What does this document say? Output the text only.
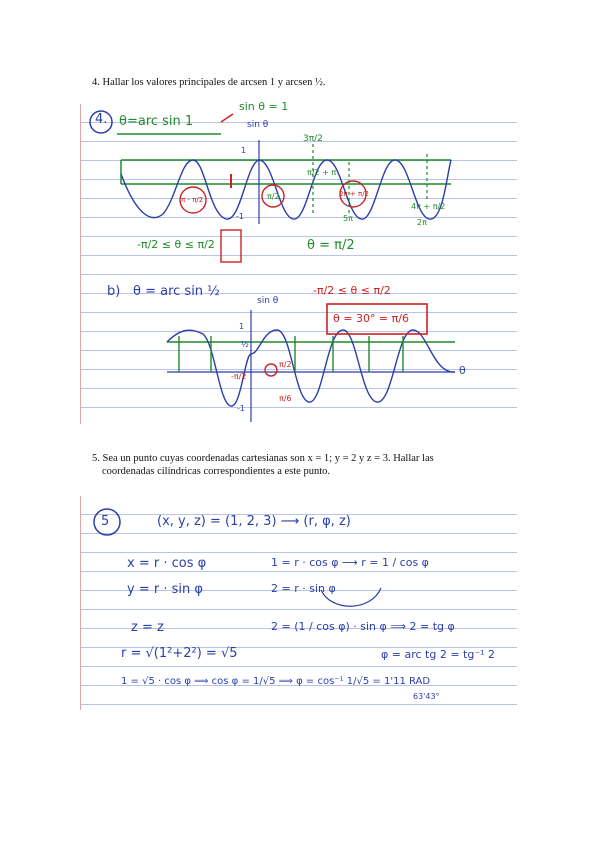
4. Hallar los valores principales de arcsen 1 y arcsen ½.
5. Sea un punto cuyas coordenadas cartesianas son x = 1; y = 2 y z = 3. Hallar las
coordenadas cilíndricas correspondientes a este punto.
4. θ=arc sin 1
sin θ = 1
sin θ
1
-1
3π/2
π/2 + π
π - π/2	π/2	2π + π/2
5π
4π + π/2
2π
-π/2 ≤ θ ≤ π/2	θ = π/2
b) θ = arc sin ½
sin θ
-π/2 ≤ θ ≤ π/2
θ = 30° = π/6
1
½
-1
-π/2
π/2
π/6
θ
5	(x, y, z) = (1, 2, 3) ⟶ (r, φ, z)
x = r · cos φ
y = r · sin φ
z = z
1 = r · cos φ ⟶ r = 1 / cos φ
2 = r · sin φ
2 = (1 / cos φ) · sin φ ⟹ 2 = tg φ
r = √(1²+2²) = √5	φ = arc tg 2 = tg⁻¹ 2
1 = √5 · cos φ ⟹ cos φ = 1/√5 ⟹ φ = cos⁻¹ 1/√5 = 1'11 RAD
63'43°
